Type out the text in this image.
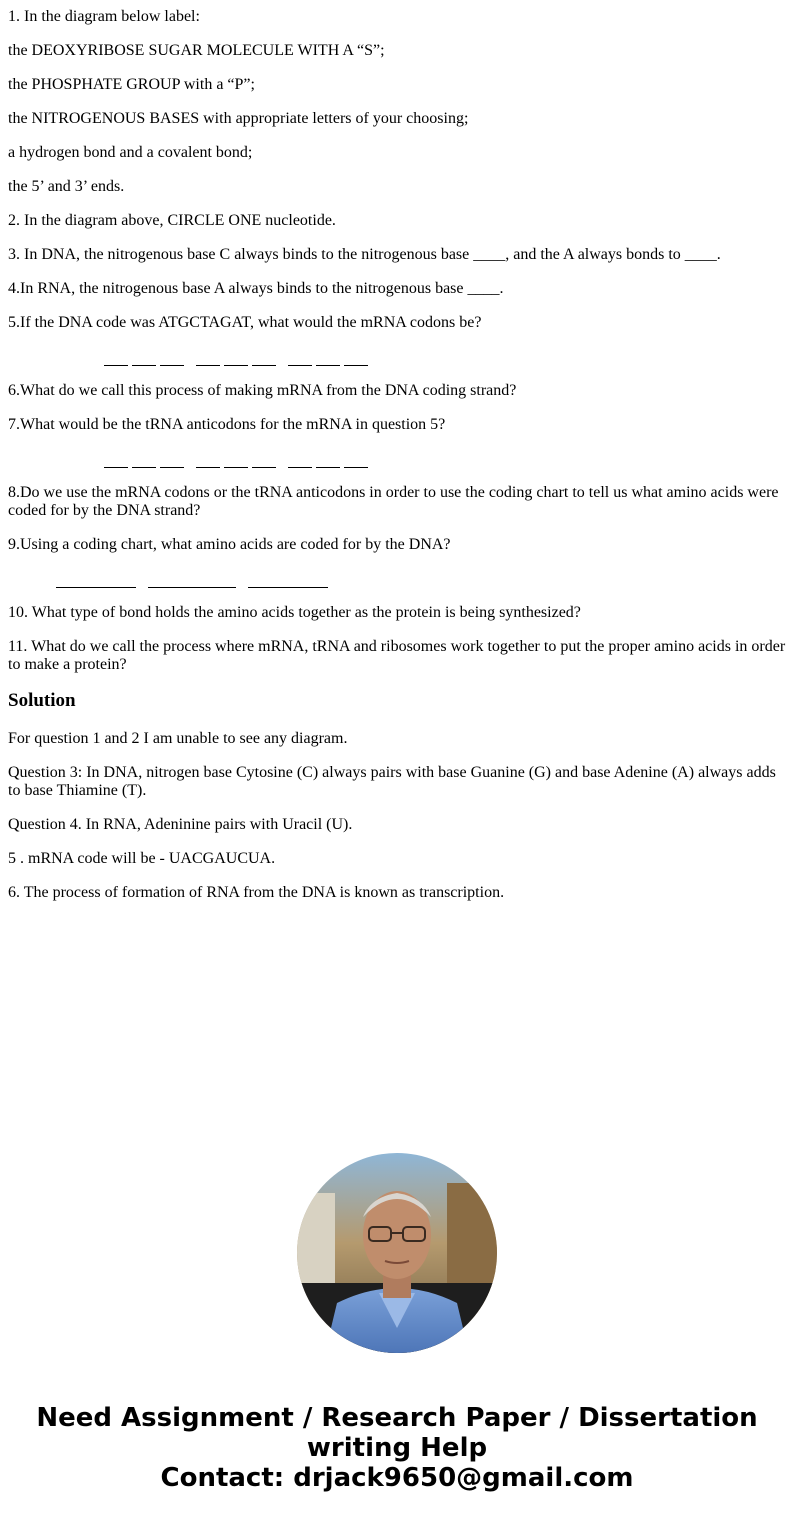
1. In the diagram below label:

the DEOXYRIBOSE SUGAR MOLECULE WITH A “S”;

the PHOSPHATE GROUP with a “P”;

the NITROGENOUS BASES with appropriate letters of your choosing;

a hydrogen bond and a covalent bond;

the 5’ and 3’ ends.

2. In the diagram above, CIRCLE ONE nucleotide.

3. In DNA, the nitrogenous base C always binds to the nitrogenous base ____, and the A always bonds to ____.

4.In RNA, the nitrogenous base A always binds to the nitrogenous base ____.

5.If the DNA code was ATGCTAGAT, what would the mRNA codons be?

6.What do we call this process of making mRNA from the DNA coding strand?

7.What would be the tRNA anticodons for the mRNA in question 5?

8.Do we use the mRNA codons or the tRNA anticodons in order to use the coding chart to tell us what amino acids were coded for by the DNA strand?

9.Using a coding chart, what amino acids are coded for by the DNA?

10. What type of bond holds the amino acids together as the protein is being synthesized?

11. What do we call the process where mRNA, tRNA and ribosomes work together to put the proper amino acids in order to make a protein?

Solution

For question 1 and 2 I am unable to see any diagram.

Question 3: In DNA, nitrogen base Cytosine (C) always pairs with base Guanine (G) and base Adenine (A) always adds to base Thiamine (T).

Question 4. In RNA, Adeninine pairs with Uracil (U).

5 . mRNA code will be - UACGAUCUA.

6. The process of formation of RNA from the DNA is known as transcription.

Need Assignment / Research Paper / Dissertation
writing Help
Contact: drjack9650@gmail.com
